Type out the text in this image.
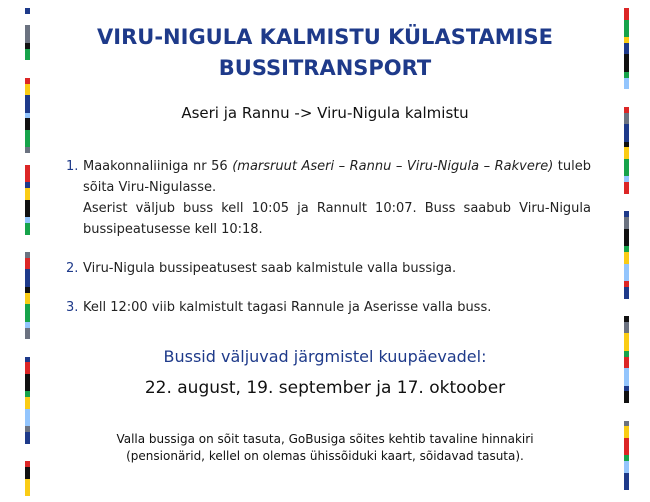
VIRU-NIGULA KALMISTU KÜLASTAMISE
BUSSITRANSPORT
Aseri ja Rannu -> Viru-Nigula kalmistu
1. Maakonnaliiniga nr 56 (marsruut Aseri – Rannu – Viru-Nigula – Rakvere) tuleb sõita Viru-Nigulasse.
Aserist väljub buss kell 10:05 ja Rannult 10:07. Buss saabub Viru-Nigula bussipeatusesse kell 10:18.
2. Viru-Nigula bussipeatusest saab kalmistule valla bussiga.
3. Kell 12:00 viib kalmistult tagasi Rannule ja Aserisse valla buss.
Bussid väljuvad järgmistel kuupäevadel:
22. august, 19. september ja 17. oktoober
Valla bussiga on sõit tasuta, GoBusiga sõites kehtib tavaline hinnakiri
(pensionärid, kellel on olemas ühissõiduki kaart, sõidavad tasuta).
